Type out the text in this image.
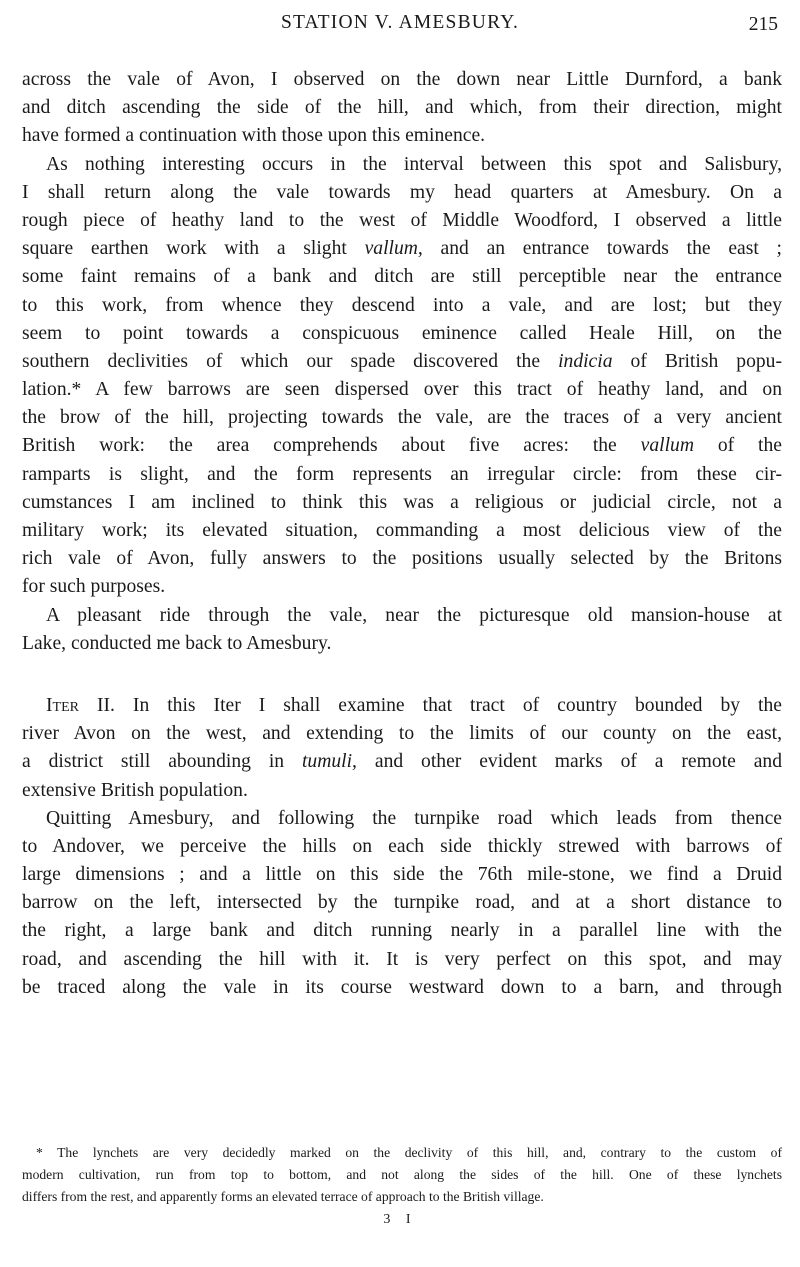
STATION V. AMESBURY.	215
across the vale of Avon, I observed on the down near Little Durnford, a bank
and ditch ascending the side of the hill, and which, from their direction, might
have formed a continuation with those upon this eminence.
As nothing interesting occurs in the interval between this spot and Salisbury,
I shall return along the vale towards my head quarters at Amesbury. On a
rough piece of heathy land to the west of Middle Woodford, I observed a little
square earthen work with a slight vallum, and an entrance towards the east ;
some faint remains of a bank and ditch are still perceptible near the entrance
to this work, from whence they descend into a vale, and are lost; but they
seem to point towards a conspicuous eminence called Heale Hill, on the
southern declivities of which our spade discovered the indicia of British popu-
lation.* A few barrows are seen dispersed over this tract of heathy land, and on
the brow of the hill, projecting towards the vale, are the traces of a very ancient
British work: the area comprehends about five acres: the vallum of the
ramparts is slight, and the form represents an irregular circle: from these cir-
cumstances I am inclined to think this was a religious or judicial circle, not a
military work; its elevated situation, commanding a most delicious view of the
rich vale of Avon, fully answers to the positions usually selected by the Britons
for such purposes.
A pleasant ride through the vale, near the picturesque old mansion-house at
Lake, conducted me back to Amesbury.
Iter II. In this Iter I shall examine that tract of country bounded by the
river Avon on the west, and extending to the limits of our county on the east,
a district still abounding in tumuli, and other evident marks of a remote and
extensive British population.
Quitting Amesbury, and following the turnpike road which leads from thence
to Andover, we perceive the hills on each side thickly strewed with barrows of
large dimensions ; and a little on this side the 76th mile-stone, we find a Druid
barrow on the left, intersected by the turnpike road, and at a short distance to
the right, a large bank and ditch running nearly in a parallel line with the
road, and ascending the hill with it. It is very perfect on this spot, and may
be traced along the vale in its course westward down to a barn, and through
* The lynchets are very decidedly marked on the declivity of this hill, and, contrary to the custom of
modern cultivation, run from top to bottom, and not along the sides of the hill. One of these lynchets
differs from the rest, and apparently forms an elevated terrace of approach to the British village.
3 I
